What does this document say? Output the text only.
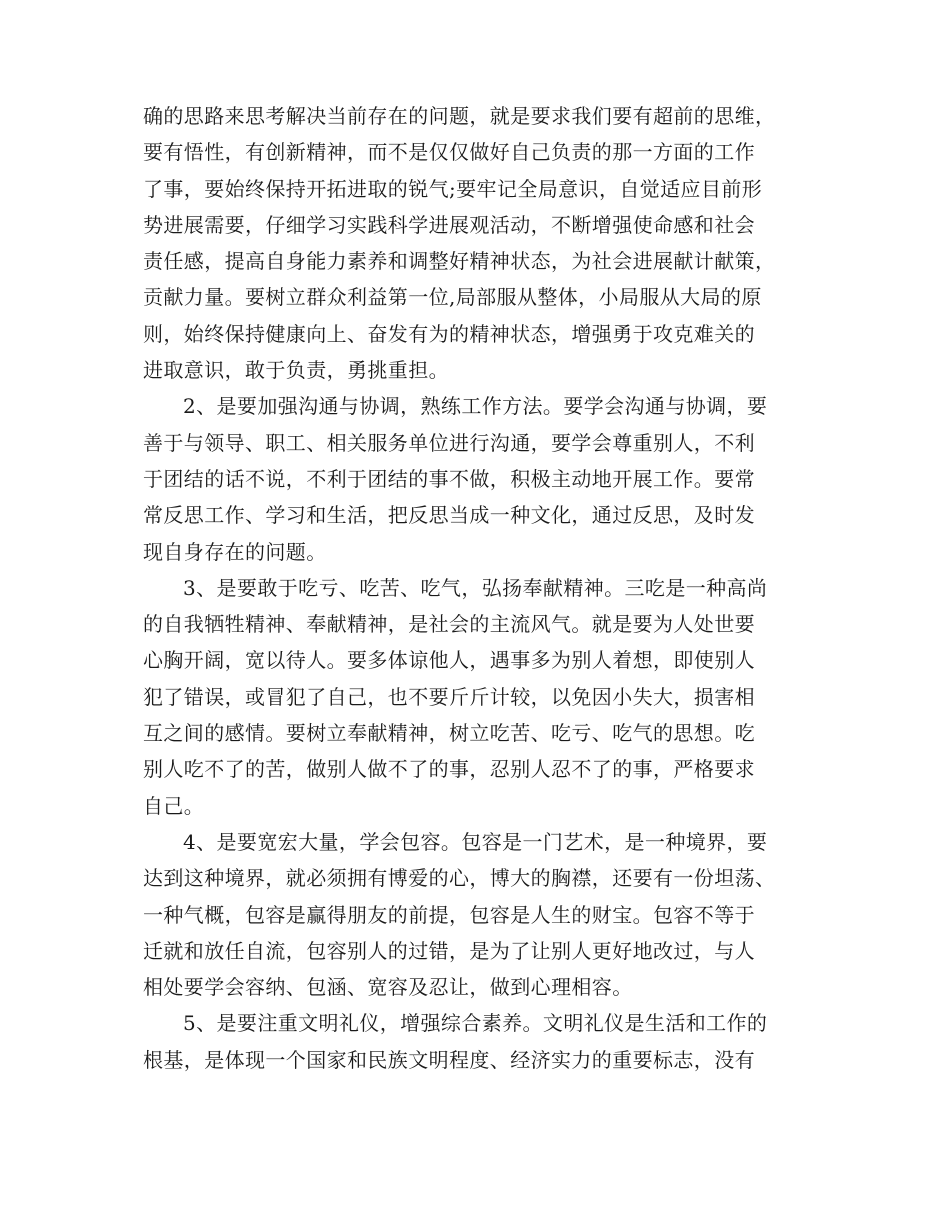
确的思路来思考解决当前存在的问题，就是要求我们要有超前的思维，
要有悟性，有创新精神，而不是仅仅做好自己负责的那一方面的工作
了事，要始终保持开拓进取的锐气;要牢记全局意识，自觉适应目前形
势进展需要，仔细学习实践科学进展观活动，不断增强使命感和社会
责任感，提高自身能力素养和调整好精神状态，为社会进展献计献策，
贡献力量。要树立群众利益第一位,局部服从整体，小局服从大局的原
则，始终保持健康向上、奋发有为的精神状态，增强勇于攻克难关的
进取意识，敢于负责，勇挑重担。
2、是要加强沟通与协调，熟练工作方法。要学会沟通与协调，要
善于与领导、职工、相关服务单位进行沟通，要学会尊重别人，不利
于团结的话不说，不利于团结的事不做，积极主动地开展工作。要常
常反思工作、学习和生活，把反思当成一种文化，通过反思，及时发
现自身存在的问题。
3、是要敢于吃亏、吃苦、吃气，弘扬奉献精神。三吃是一种高尚
的自我牺牲精神、奉献精神，是社会的主流风气。就是要为人处世要
心胸开阔，宽以待人。要多体谅他人，遇事多为别人着想，即使别人
犯了错误，或冒犯了自己，也不要斤斤计较，以免因小失大，损害相
互之间的感情。要树立奉献精神，树立吃苦、吃亏、吃气的思想。吃
别人吃不了的苦，做别人做不了的事，忍别人忍不了的事，严格要求
自己。
4、是要宽宏大量，学会包容。包容是一门艺术，是一种境界，要
达到这种境界，就必须拥有博爱的心，博大的胸襟，还要有一份坦荡、
一种气概，包容是赢得朋友的前提，包容是人生的财宝。包容不等于
迁就和放任自流，包容别人的过错，是为了让别人更好地改过，与人
相处要学会容纳、包涵、宽容及忍让，做到心理相容。
5、是要注重文明礼仪，增强综合素养。文明礼仪是生活和工作的
根基，是体现一个国家和民族文明程度、经济实力的重要标志，没有
